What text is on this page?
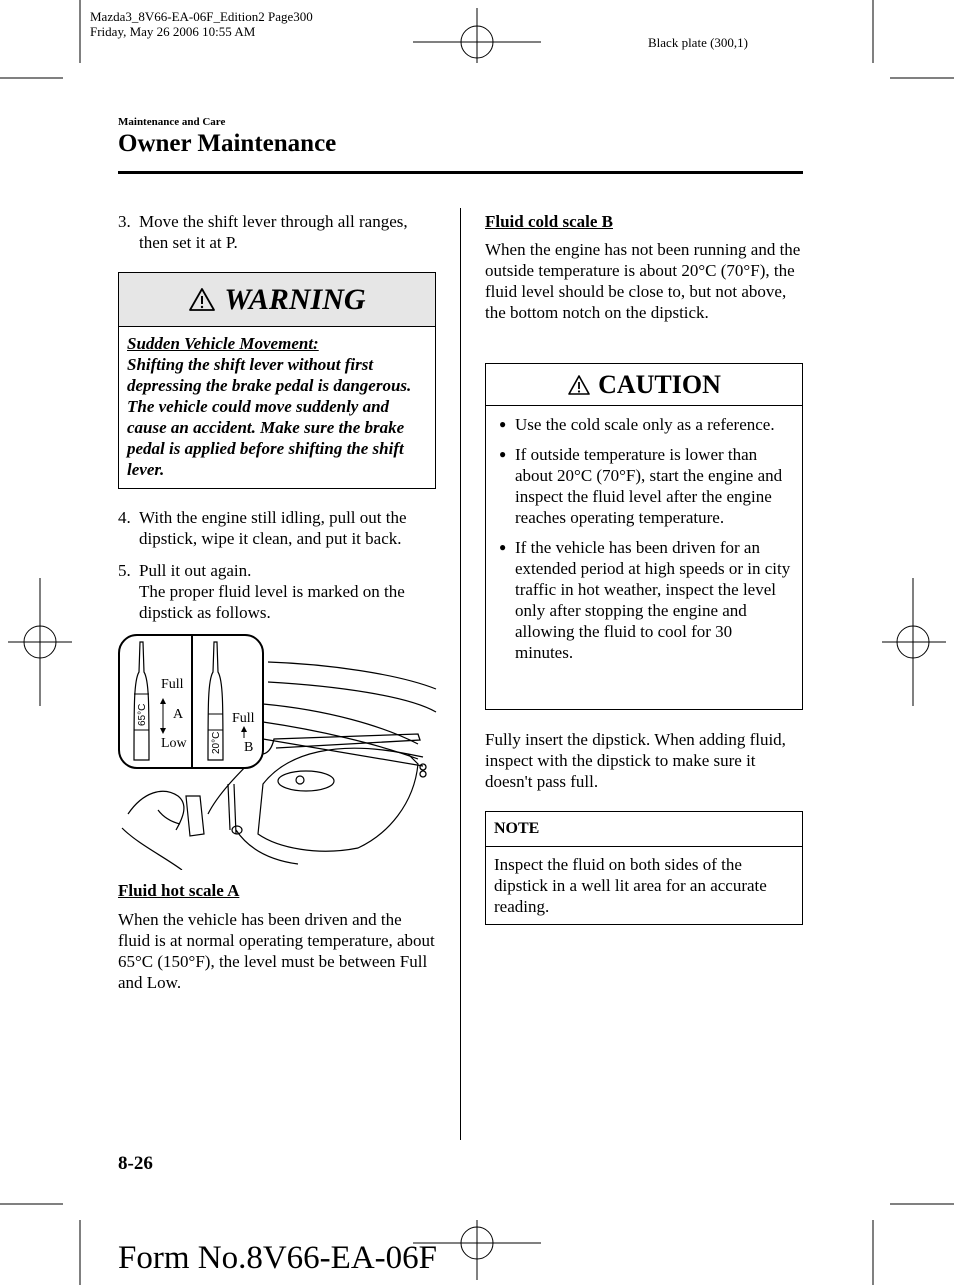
Mazda3_8V66-EA-06F_Edition2 Page300
Friday, May 26 2006 10:55 AM
Black plate (300,1)
Maintenance and Care
Owner Maintenance
3. Move the shift lever through all ranges, then set it at P.
WARNING
Sudden Vehicle Movement:
Shifting the shift lever without first depressing the brake pedal is dangerous. The vehicle could move suddenly and cause an accident. Make sure the brake pedal is applied before shifting the shift lever.
4. With the engine still idling, pull out the dipstick, wipe it clean, and put it back.
5. Pull it out again.
The proper fluid level is marked on the dipstick as follows.
Full
A
Low
65°C	Full
B
20°C
Fluid hot scale A
When the vehicle has been driven and the fluid is at normal operating temperature, about 65°C (150°F), the level must be between Full and Low.
Fluid cold scale B
When the engine has not been running and the outside temperature is about 20°C (70°F), the fluid level should be close to, but not above, the bottom notch on the dipstick.
CAUTION
● Use the cold scale only as a reference.
● If outside temperature is lower than about 20°C (70°F), start the engine and inspect the fluid level after the engine reaches operating temperature.
● If the vehicle has been driven for an extended period at high speeds or in city traffic in hot weather, inspect the level only after stopping the engine and allowing the fluid to cool for 30 minutes.
Fully insert the dipstick. When adding fluid, inspect with the dipstick to make sure it doesn't pass full.
NOTE
Inspect the fluid on both sides of the dipstick in a well lit area for an accurate reading.
8-26
Form No.8V66-EA-06F
